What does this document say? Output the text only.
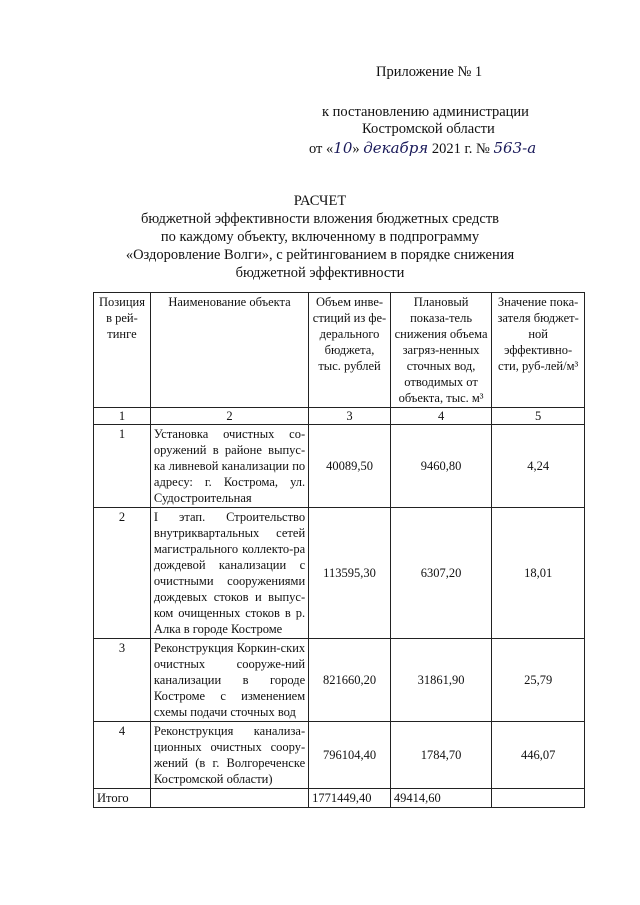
Приложение № 1
к постановлению администрации
Костромской области
от «10» декабря 2021 г. № 563-а
РАСЧЕТ
бюджетной эффективности вложения бюджетных средств
по каждому объекту, включенному в подпрограмму
«Оздоровление Волги», с рейтингованием в порядке снижения
бюджетной эффективности
Позиция в рей-тинге	Наименование объекта	Объем инве-стиций из фе-дерального бюджета, тыс. рублей	Плановый показа-тель снижения объема загряз-ненных сточных вод, отводимых от объекта, тыс. м³	Значение пока-зателя бюджет-ной эффективно-сти, руб-лей/м³
1	2	3	4	5
1	Установка очистных со-оружений в районе выпус-ка ливневой канализации по адресу: г. Кострома, ул. Судостроительная	40089,50	9460,80	4,24
2	I этап. Строительство внутриквартальных сетей магистрального коллекто-ра дождевой канализации с очистными сооружениями дождевых стоков и выпус-ком очищенных стоков в р. Алка в городе Костроме	113595,30	6307,20	18,01
3	Реконструкция Коркин-ских очистных сооруже-ний канализации в городе Костроме с изменением схемы подачи сточных вод	821660,20	31861,90	25,79
4	Реконструкция канализа-ционных очистных соору-жений (в г. Волгореченске Костромской области)	796104,40	1784,70	446,07
Итого		1771449,40	49414,60	
